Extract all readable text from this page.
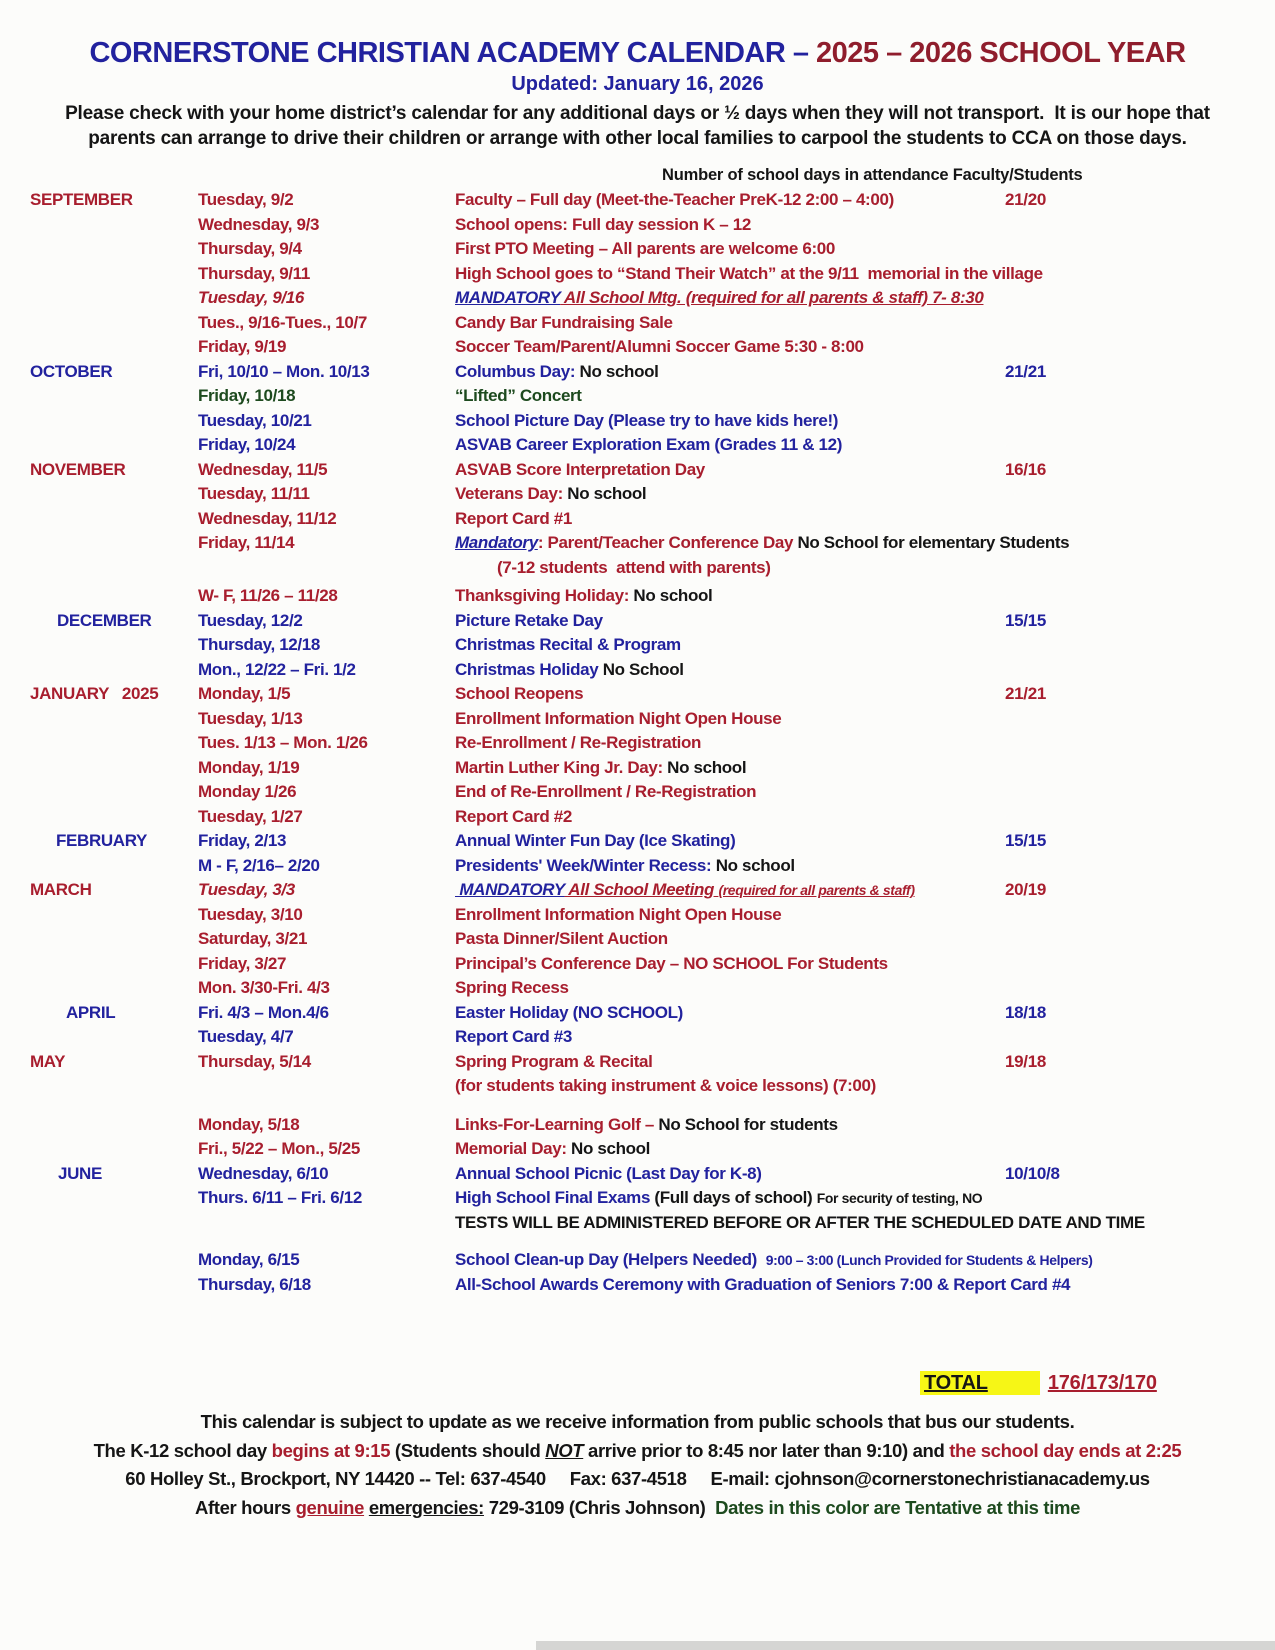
CORNERSTONE CHRISTIAN ACADEMY CALENDAR – 2025 – 2026 SCHOOL YEAR
Updated: January 16, 2026
Please check with your home district’s calendar for any additional days or ½ days when they will not transport.  It is our hope that parents can arrange to drive their children or arrange with other local families to carpool the students to CCA on those days.
Number of school days in attendance Faculty/Students
SEPTEMBER	Tuesday, 9/2	Faculty – Full day (Meet-the-Teacher PreK-12 2:00 – 4:00)	21/20
Wednesday, 9/3	School opens: Full day session K – 12
Thursday, 9/4	First PTO Meeting – All parents are welcome 6:00
Thursday, 9/11	High School goes to “Stand Their Watch” at the 9/11  memorial in the village
Tuesday, 9/16	MANDATORY All School Mtg. (required for all parents & staff) 7- 8:30
Tues., 9/16-Tues., 10/7	Candy Bar Fundraising Sale
Friday, 9/19	Soccer Team/Parent/Alumni Soccer Game 5:30 - 8:00
OCTOBER	Fri, 10/10 – Mon. 10/13	Columbus Day: No school	21/21
Friday, 10/18	“Lifted” Concert
Tuesday, 10/21	School Picture Day (Please try to have kids here!)
Friday, 10/24	ASVAB Career Exploration Exam (Grades 11 & 12)
NOVEMBER	Wednesday, 11/5	ASVAB Score Interpretation Day	16/16
Tuesday, 11/11	Veterans Day: No school
Wednesday, 11/12	Report Card #1
Friday, 11/14	Mandatory: Parent/Teacher Conference Day No School for elementary Students
(7-12 students  attend with parents)
W- F, 11/26 – 11/28	Thanksgiving Holiday: No school
DECEMBER	Tuesday, 12/2	Picture Retake Day	15/15
Thursday, 12/18	Christmas Recital & Program
Mon., 12/22 – Fri. 1/2	Christmas Holiday No School
JANUARY   2025	Monday, 1/5	School Reopens	21/21
Tuesday, 1/13	Enrollment Information Night Open House
Tues. 1/13 – Mon. 1/26	Re-Enrollment / Re-Registration
Monday, 1/19	Martin Luther King Jr. Day: No school
Monday 1/26	End of Re-Enrollment / Re-Registration
Tuesday, 1/27	Report Card #2
FEBRUARY	Friday, 2/13	Annual Winter Fun Day (Ice Skating)	15/15
M - F, 2/16– 2/20	Presidents' Week/Winter Recess: No school
MARCH	Tuesday, 3/3	MANDATORY All School Meeting (required for all parents & staff)	20/19
Tuesday, 3/10	Enrollment Information Night Open House
Saturday, 3/21	Pasta Dinner/Silent Auction
Friday, 3/27	Principal’s Conference Day – NO SCHOOL For Students
Mon. 3/30-Fri. 4/3	Spring Recess
APRIL	Fri. 4/3 – Mon.4/6	Easter Holiday (NO SCHOOL)	18/18
Tuesday, 4/7	Report Card #3
MAY	Thursday, 5/14	Spring Program & Recital	19/18
(for students taking instrument & voice lessons) (7:00)
Monday, 5/18	Links-For-Learning Golf – No School for students
Fri., 5/22 – Mon., 5/25	Memorial Day: No school
JUNE	Wednesday, 6/10	Annual School Picnic (Last Day for K-8)	10/10/8
Thurs. 6/11 – Fri. 6/12	High School Final Exams (Full days of school) For security of testing, NO
TESTS WILL BE ADMINISTERED BEFORE OR AFTER THE SCHEDULED DATE AND TIME
Monday, 6/15	School Clean-up Day (Helpers Needed)  9:00 – 3:00 (Lunch Provided for Students & Helpers)
Thursday, 6/18	All-School Awards Ceremony with Graduation of Seniors 7:00 & Report Card #4
TOTAL	176/173/170
This calendar is subject to update as we receive information from public schools that bus our students.
The K-12 school day begins at 9:15 (Students should NOT arrive prior to 8:45 nor later than 9:10) and the school day ends at 2:25
60 Holley St., Brockport, NY 14420 -- Tel: 637-4540     Fax: 637-4518     E-mail: cjohnson@cornerstonechristianacademy.us
After hours genuine emergencies: 729-3109 (Chris Johnson)  Dates in this color are Tentative at this time
